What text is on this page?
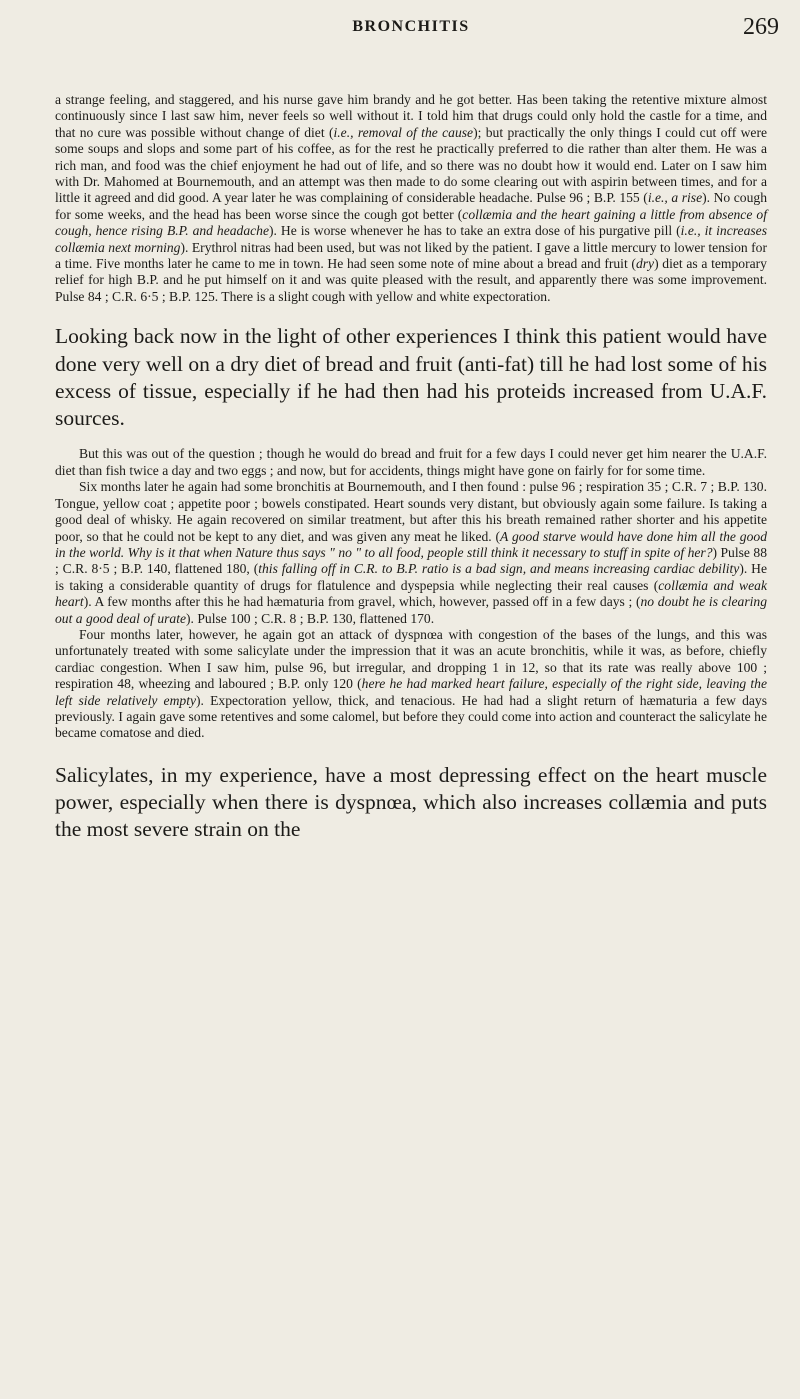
BRONCHITIS	269

a strange feeling, and staggered, and his nurse gave him brandy and he got better. Has been taking the retentive mixture almost continuously since I last saw him, never feels so well without it. I told him that drugs could only hold the castle for a time, and that no cure was possible without change of diet (i.e., removal of the cause); but practically the only things I could cut off were some soups and slops and some part of his coffee, as for the rest he practically preferred to die rather than alter them. He was a rich man, and food was the chief enjoyment he had out of life, and so there was no doubt how it would end. Later on I saw him with Dr. Mahomed at Bournemouth, and an attempt was then made to do some clearing out with aspirin between times, and for a little it agreed and did good. A year later he was complaining of considerable headache. Pulse 96 ; B.P. 155 (i.e., a rise). No cough for some weeks, and the head has been worse since the cough got better (collæmia and the heart gaining a little from absence of cough, hence rising B.P. and headache). He is worse whenever he has to take an extra dose of his purgative pill (i.e., it increases collæmia next morning). Erythrol nitras had been used, but was not liked by the patient. I gave a little mercury to lower tension for a time. Five months later he came to me in town. He had seen some note of mine about a bread and fruit (dry) diet as a temporary relief for high B.P. and he put himself on it and was quite pleased with the result, and apparently there was some improvement. Pulse 84 ; C.R. 6·5 ; B.P. 125. There is a slight cough with yellow and white expectoration.

Looking back now in the light of other experiences I think this patient would have done very well on a dry diet of bread and fruit (anti-fat) till he had lost some of his excess of tissue, especially if he had then had his proteids increased from U.A.F. sources.

But this was out of the question ; though he would do bread and fruit for a few days I could never get him nearer the U.A.F. diet than fish twice a day and two eggs ; and now, but for accidents, things might have gone on fairly for for some time.

Six months later he again had some bronchitis at Bournemouth, and I then found : pulse 96 ; respiration 35 ; C.R. 7 ; B.P. 130. Tongue, yellow coat ; appetite poor ; bowels constipated. Heart sounds very distant, but obviously again some failure. Is taking a good deal of whisky. He again recovered on similar treatment, but after this his breath remained rather shorter and his appetite poor, so that he could not be kept to any diet, and was given any meat he liked. (A good starve would have done him all the good in the world. Why is it that when Nature thus says " no " to all food, people still think it necessary to stuff in spite of her?) Pulse 88 ; C.R. 8·5 ; B.P. 140, flattened 180, (this falling off in C.R. to B.P. ratio is a bad sign, and means increasing cardiac debility). He is taking a considerable quantity of drugs for flatulence and dyspepsia while neglecting their real causes (collæmia and weak heart). A few months after this he had hæmaturia from gravel, which, however, passed off in a few days ; (no doubt he is clearing out a good deal of urate). Pulse 100 ; C.R. 8 ; B.P. 130, flattened 170.

Four months later, however, he again got an attack of dyspnœa with congestion of the bases of the lungs, and this was unfortunately treated with some salicylate under the impression that it was an acute bronchitis, while it was, as before, chiefly cardiac congestion. When I saw him, pulse 96, but irregular, and dropping 1 in 12, so that its rate was really above 100 ; respiration 48, wheezing and laboured ; B.P. only 120 (here he had marked heart failure, especially of the right side, leaving the left side relatively empty). Expectoration yellow, thick, and tenacious. He had had a slight return of hæmaturia a few days previously. I again gave some retentives and some calomel, but before they could come into action and counteract the salicylate he became comatose and died.

Salicylates, in my experience, have a most depressing effect on the heart muscle power, especially when there is dyspnœa, which also increases collæmia and puts the most severe strain on the
